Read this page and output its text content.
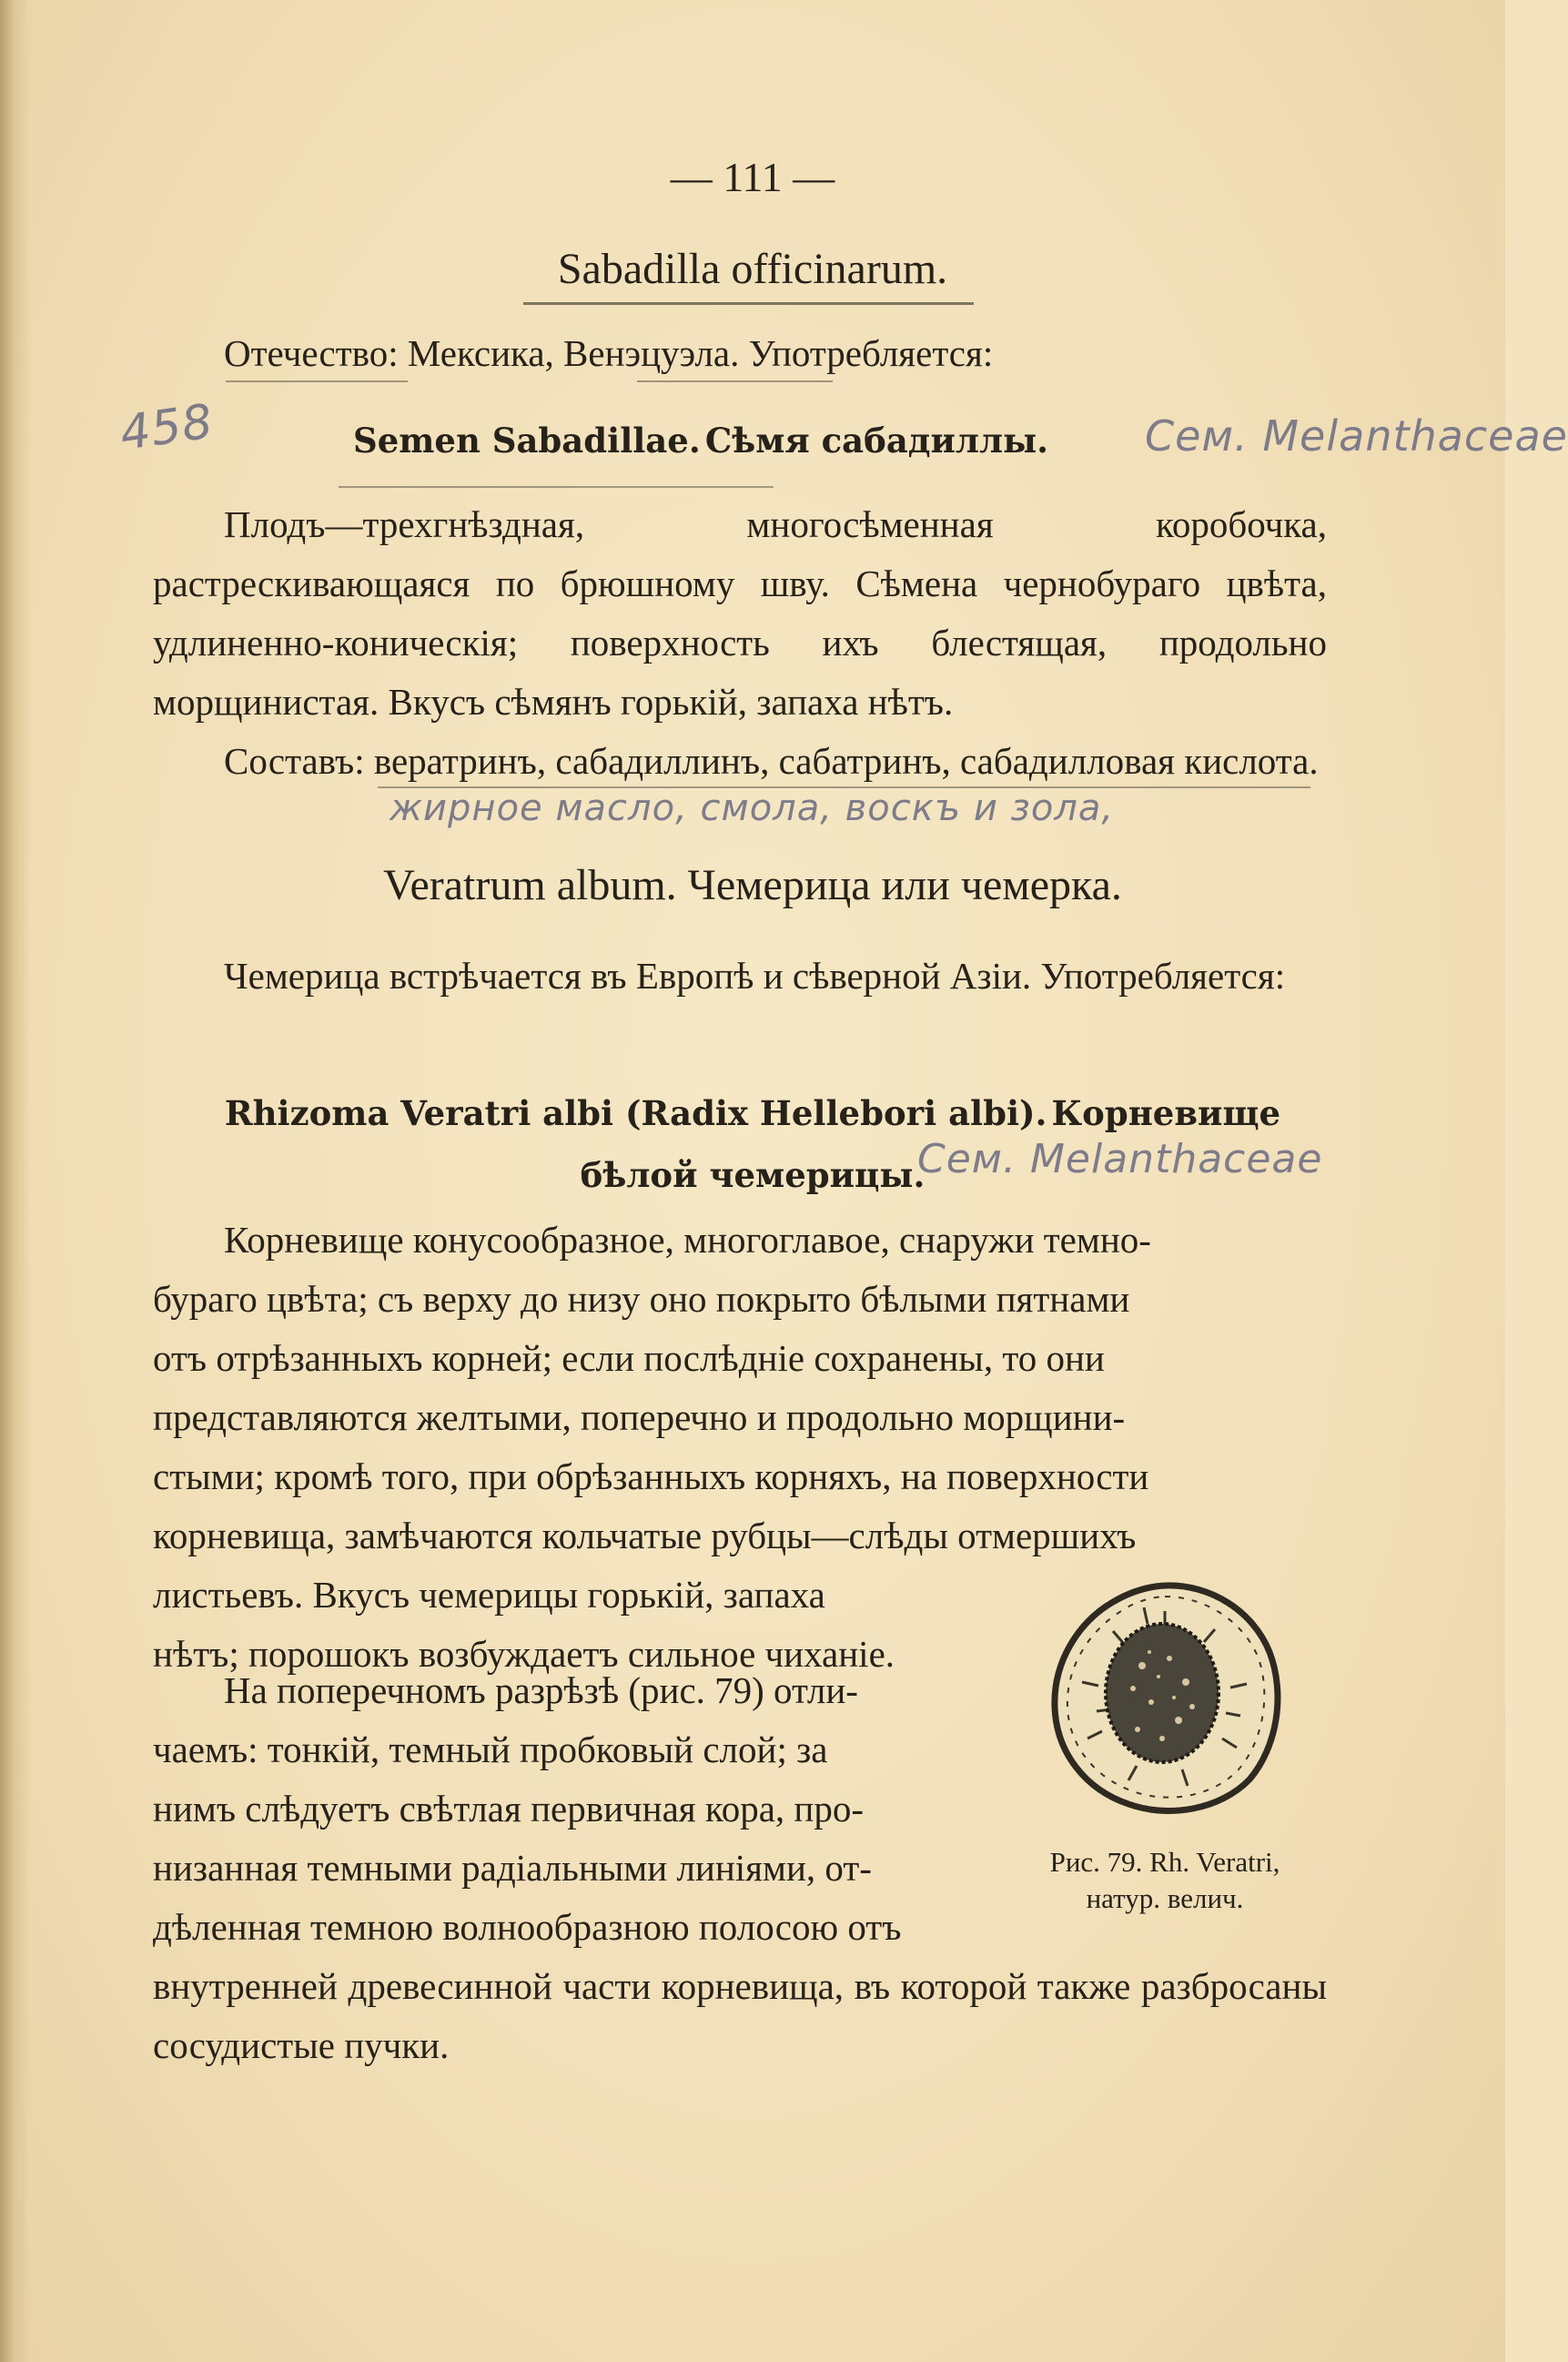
— 111 —
Sabadilla officinarum.

Отечество: Мексика, Венэцуэла. Употребляется:

458	Semen Sabadillae. Сѣмя сабадиллы. Сем. Melanthaceae

Плодъ—трехгнѣздная, многосѣменная коробочка, растрескивающаяся по брюшному шву. Сѣмена чернобураго цвѣта, удлиненно-коническія; поверхность ихъ блестящая, продольно морщинистая. Вкусъ сѣмянъ горькій, запаха нѣтъ.

Составъ: вератринъ, сабадиллинъ, сабатринъ, сабадилловая кислота.

жирное масло, смола, воскъ и зола,
Veratrum album. Чемерица или чемерка.

Чемерица встрѣчается въ Европѣ и сѣверной Азіи. Употребляется:

Rhizoma Veratri albi (Radix Hellebori albi). Корневище
бѣлой чемерицы.
Сем. Melanthaceae

Корневище конусообразное, многоглавое, снаружи темно-

бураго цвѣта; съ верху до низу оно покрыто бѣлыми пятнами

отъ отрѣзанныхъ корней; если послѣдніе сохранены, то они

представляются желтыми, поперечно и продольно морщини-

стыми; кромѣ того, при обрѣзанныхъ корняхъ, на поверхности

корневища, замѣчаются кольчатые рубцы—слѣды отмершихъ

листьевъ. Вкусъ чемерицы горькій, запаха

нѣтъ; порошокъ возбуждаетъ сильное чиханіе.

На поперечномъ разрѣзѣ (рис. 79) отли-

чаемъ: тонкій, темный пробковый слой; за

нимъ слѣдуетъ свѣтлая первичная кора, про-

низанная темными радіальными линіями, от-

дѣленная темною волнообразною полосою отъ

внутренней древесинной части корневища, въ которой также разбросаны сосудистые пучки.

Рис. 79. Rh. Veratri,
натур. велич.
